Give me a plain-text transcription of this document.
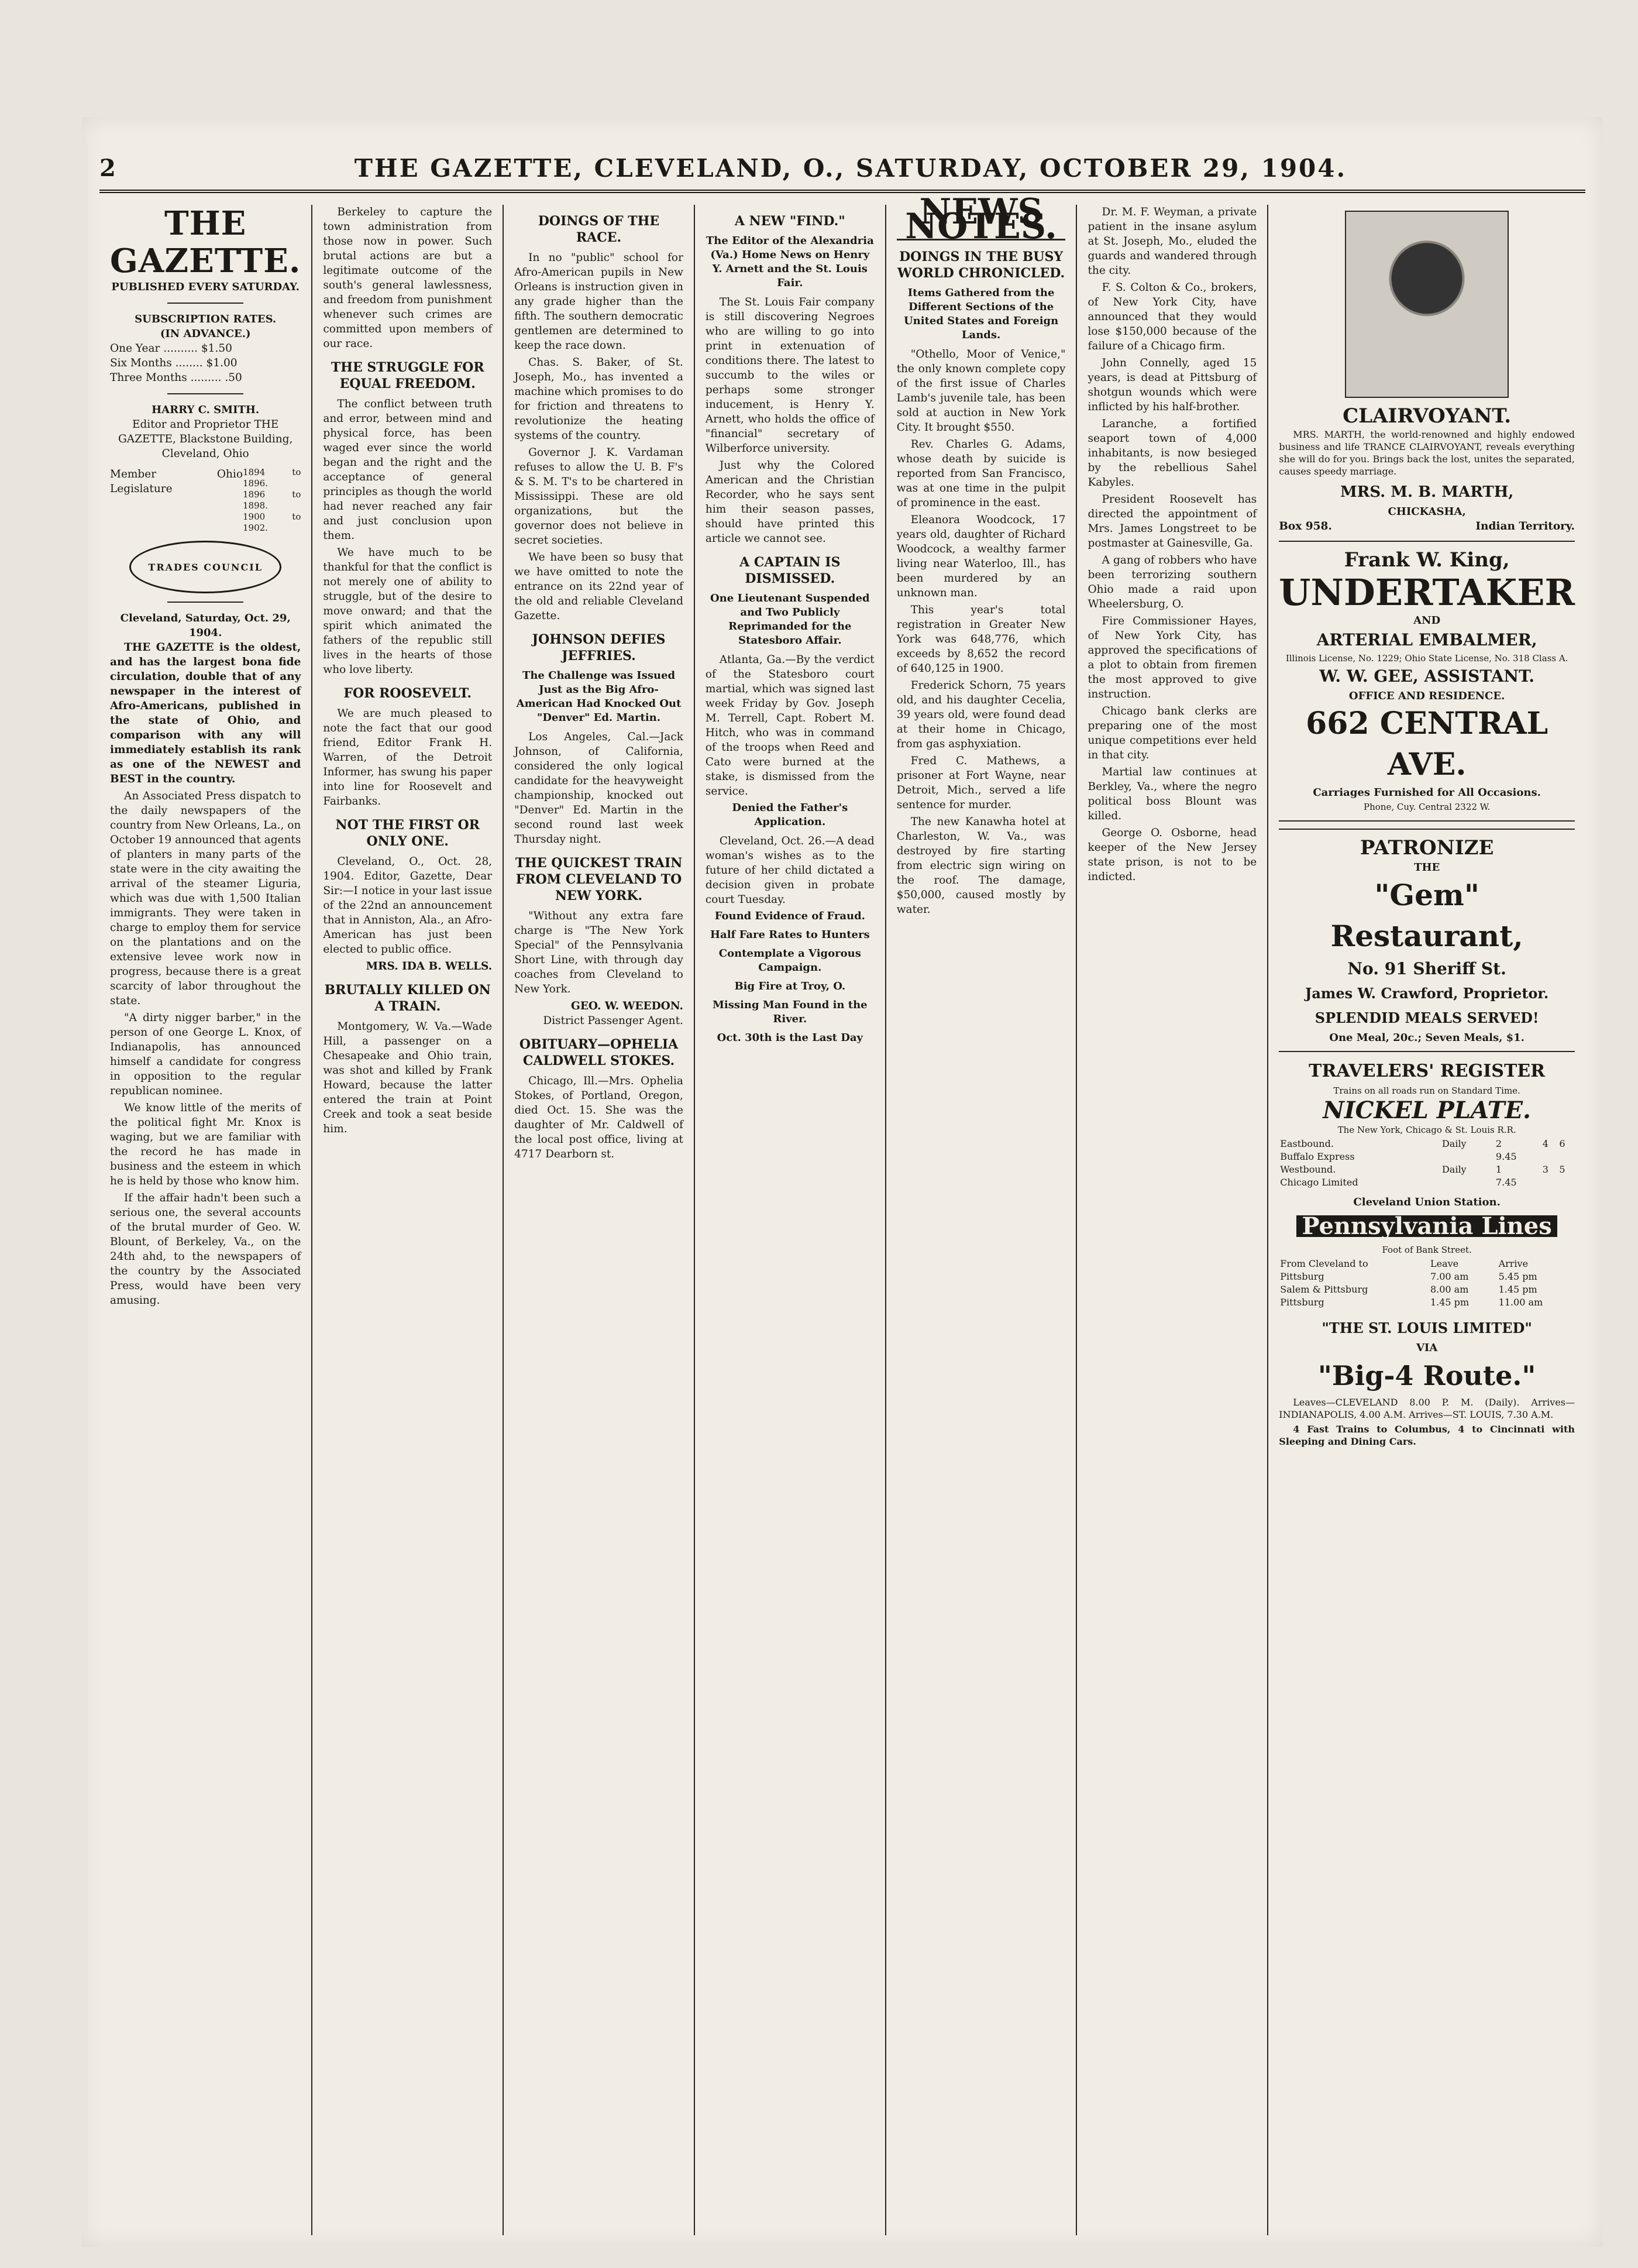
2	THE GAZETTE, CLEVELAND, O., SATURDAY, OCTOBER 29, 1904.
THE GAZETTE.
PUBLISHED EVERY SATURDAY.
SUBSCRIPTION RATES.
(IN ADVANCE.)
One Year .......... $1.50
Six Months ........ $1.00
Three Months ......... .50
HARRY C. SMITH.
Editor and Proprietor THE GAZETTE, Blackstone Building, Cleveland, Ohio
Member Ohio Legislature
1894 to 1896.
1896 to 1898.
1900 to 1902.
TRADES COUNCIL
Cleveland, Saturday, Oct. 29, 1904.

THE GAZETTE is the oldest, and has the largest bona fide circulation, double that of any newspaper in the interest of Afro-Americans, published in the state of Ohio, and comparison with any will immediately establish its rank as one of the NEWEST and BEST in the country.

An Associated Press dispatch to the daily newspapers of the country from New Orleans, La., on October 19 announced that agents of planters in many parts of the state were in the city awaiting the arrival of the steamer Liguria, which was due with 1,500 Italian immigrants. They were taken in charge to employ them for service on the plantations and on the extensive levee work now in progress, because there is a great scarcity of labor throughout the state.

"A dirty nigger barber," in the person of one George L. Knox, of Indianapolis, has announced himself a candidate for congress in opposition to the regular republican nominee.

We know little of the merits of the political fight Mr. Knox is waging, but we are familiar with the record he has made in business and the esteem in which he is held by those who know him.

If the affair hadn't been such a serious one, the several accounts of the brutal murder of Geo. W. Blount, of Berkeley, Va., on the 24th ahd, to the newspapers of the country by the Associated Press, would have been very amusing.

Berkeley to capture the town administration from those now in power. Such brutal actions are but a legitimate outcome of the south's general lawlessness, and freedom from punishment whenever such crimes are committed upon members of our race.

THE STRUGGLE FOR EQUAL FREEDOM.

The conflict between truth and error, between mind and physical force, has been waged ever since the world began and the right and the acceptance of general principles as though the world had never reached any fair and just conclusion upon them.

We have much to be thankful for that the conflict is not merely one of ability to struggle, but of the desire to move onward; and that the spirit which animated the fathers of the republic still lives in the hearts of those who love liberty.

FOR ROOSEVELT.

We are much pleased to note the fact that our good friend, Editor Frank H. Warren, of the Detroit Informer, has swung his paper into line for Roosevelt and Fairbanks.

NOT THE FIRST OR ONLY ONE.

Cleveland, O., Oct. 28, 1904. Editor, Gazette, Dear Sir:—I notice in your last issue of the 22nd an announcement that in Anniston, Ala., an Afro-American has just been elected to public office.

MRS. IDA B. WELLS.
BRUTALLY KILLED ON A TRAIN.

Montgomery, W. Va.—Wade Hill, a passenger on a Chesapeake and Ohio train, was shot and killed by Frank Howard, because the latter entered the train at Point Creek and took a seat beside him.

DOINGS OF THE RACE.

In no "public" school for Afro-American pupils in New Orleans is instruction given in any grade higher than the fifth. The southern democratic gentlemen are determined to keep the race down.

Chas. S. Baker, of St. Joseph, Mo., has invented a machine which promises to do for friction and threatens to revolutionize the heating systems of the country.

Governor J. K. Vardaman refuses to allow the U. B. F's & S. M. T's to be chartered in Mississippi. These are old organizations, but the governor does not believe in secret societies.

We have been so busy that we have omitted to note the entrance on its 22nd year of the old and reliable Cleveland Gazette.

JOHNSON DEFIES JEFFRIES.
The Challenge was Issued Just as the Big Afro-American Had Knocked Out "Denver" Ed. Martin.

Los Angeles, Cal.—Jack Johnson, of California, considered the only logical candidate for the heavyweight championship, knocked out "Denver" Ed. Martin in the second round last week Thursday night.

THE QUICKEST TRAIN FROM CLEVELAND TO NEW YORK.

"Without any extra fare charge is "The New York Special" of the Pennsylvania Short Line, with through day coaches from Cleveland to New York.

GEO. W. WEEDON.
District Passenger Agent.
OBITUARY—OPHELIA CALDWELL STOKES.

Chicago, Ill.—Mrs. Ophelia Stokes, of Portland, Oregon, died Oct. 15. She was the daughter of Mr. Caldwell of the local post office, living at 4717 Dearborn st.

A NEW "FIND."
The Editor of the Alexandria (Va.) Home News on Henry Y. Arnett and the St. Louis Fair.

The St. Louis Fair company is still discovering Negroes who are willing to go into print in extenuation of conditions there. The latest to succumb to the wiles or perhaps some stronger inducement, is Henry Y. Arnett, who holds the office of "financial" secretary of Wilberforce university.

Just why the Colored American and the Christian Recorder, who he says sent him their season passes, should have printed this article we cannot see.

A CAPTAIN IS DISMISSED.
One Lieutenant Suspended and Two Publicly Reprimanded for the Statesboro Affair.

Atlanta, Ga.—By the verdict of the Statesboro court martial, which was signed last week Friday by Gov. Joseph M. Terrell, Capt. Robert M. Hitch, who was in command of the troops when Reed and Cato were burned at the stake, is dismissed from the service.

Denied the Father's Application.

Cleveland, Oct. 26.—A dead woman's wishes as to the future of her child dictated a decision given in probate court Tuesday.

Found Evidence of Fraud.
Half Fare Rates to Hunters
Contemplate a Vigorous Campaign.
Big Fire at Troy, O.
Missing Man Found in the River.
Oct. 30th is the Last Day
NEWS NOTES.
DOINGS IN THE BUSY WORLD CHRONICLED.
Items Gathered from the Different Sections of the United States and Foreign Lands.

"Othello, Moor of Venice," the only known complete copy of the first issue of Charles Lamb's juvenile tale, has been sold at auction in New York City. It brought $550.

Rev. Charles G. Adams, whose death by suicide is reported from San Francisco, was at one time in the pulpit of prominence in the east.

Eleanora Woodcock, 17 years old, daughter of Richard Woodcock, a wealthy farmer living near Waterloo, Ill., has been murdered by an unknown man.

This year's total registration in Greater New York was 648,776, which exceeds by 8,652 the record of 640,125 in 1900.

Frederick Schorn, 75 years old, and his daughter Cecelia, 39 years old, were found dead at their home in Chicago, from gas asphyxiation.

Fred C. Mathews, a prisoner at Fort Wayne, near Detroit, Mich., served a life sentence for murder.

The new Kanawha hotel at Charleston, W. Va., was destroyed by fire starting from electric sign wiring on the roof. The damage, $50,000, caused mostly by water.

Dr. M. F. Weyman, a private patient in the insane asylum at St. Joseph, Mo., eluded the guards and wandered through the city.

F. S. Colton & Co., brokers, of New York City, have announced that they would lose $150,000 because of the failure of a Chicago firm.

John Connelly, aged 15 years, is dead at Pittsburg of shotgun wounds which were inflicted by his half-brother.

Laranche, a fortified seaport town of 4,000 inhabitants, is now besieged by the rebellious Sahel Kabyles.

President Roosevelt has directed the appointment of Mrs. James Longstreet to be postmaster at Gainesville, Ga.

A gang of robbers who have been terrorizing southern Ohio made a raid upon Wheelersburg, O.

Fire Commissioner Hayes, of New York City, has approved the specifications of a plot to obtain from firemen the most approved to give instruction.

Chicago bank clerks are preparing one of the most unique competitions ever held in that city.

Martial law continues at Berkley, Va., where the negro political boss Blount was killed.

George O. Osborne, head keeper of the New Jersey state prison, is not to be indicted.

CLAIRVOYANT.

MRS. MARTH, the world-renowned and highly endowed business and life TRANCE CLAIRVOYANT, reveals everything she will do for you. Brings back the lost, unites the separated, causes speedy marriage.

MRS. M. B. MARTH,
CHICKASHA,
Box 958.	Indian Territory.
Frank W. King,
UNDERTAKER
AND
ARTERIAL EMBALMER,
Illinois License, No. 1229; Ohio State License, No. 318 Class A.
W. W. GEE, ASSISTANT.
OFFICE AND RESIDENCE.
662 CENTRAL AVE.
Carriages Furnished for All Occasions.
Phone, Cuy. Central 2322 W.
PATRONIZE
THE
"Gem" Restaurant,
No. 91 Sheriff St.
James W. Crawford, Proprietor.
SPLENDID MEALS SERVED!
One Meal, 20c.; Seven Meals, $1.
TRAVELERS' REGISTER
Trains on all roads run on Standard Time.
NICKEL PLATE.
The New York, Chicago & St. Louis R.R.
Eastbound.	Daily	2	4	6
Buffalo Express		9.45		
Westbound.	Daily	1	3	5
Chicago Limited		7.45		
Cleveland Union Station.
Pennsylvania Lines
Foot of Bank Street.
From Cleveland to	Leave	Arrive
Pittsburg	7.00 am	5.45 pm
Salem & Pittsburg	8.00 am	1.45 pm
Pittsburg	1.45 pm	11.00 am
"THE ST. LOUIS LIMITED"
VIA
"Big-4 Route."

Leaves—CLEVELAND 8.00 P. M. (Daily). Arrives—INDIANAPOLIS, 4.00 A.M. Arrives—ST. LOUIS, 7.30 A.M.

4 Fast Trains to Columbus, 4 to Cincinnati with Sleeping and Dining Cars.
